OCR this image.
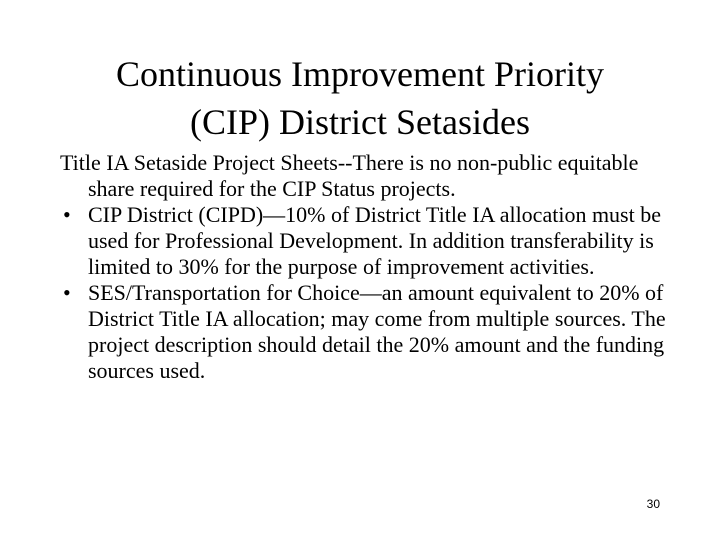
Continuous Improvement Priority
(CIP) District Setasides

Title IA Setaside Project Sheets--There is no non-public equitable share required for the CIP Status projects.

• CIP District (CIPD)—10% of District Title IA allocation must be used for Professional Development. In addition transferability is limited to 30% for the purpose of improvement activities.
• SES/Transportation for Choice—an amount equivalent to 20% of District Title IA allocation; may come from multiple sources. The project description should detail the 20% amount and the funding sources used.
30
